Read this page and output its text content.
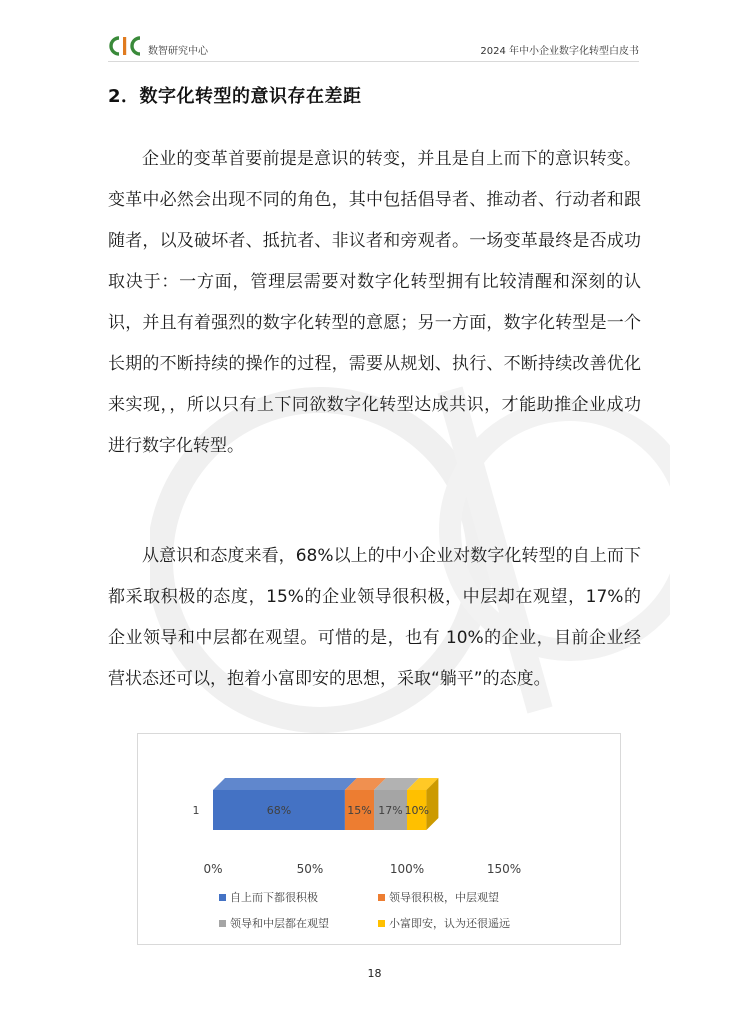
数智研究中心	2024 年中小企业数字化转型白皮书
2．数字化转型的意识存在差距

企业的变革首要前提是意识的转变，并且是自上而下的意识转变。变革中必然会出现不同的角色，其中包括倡导者、推动者、行动者和跟随者，以及破坏者、抵抗者、非议者和旁观者。一场变革最终是否成功取决于：一方面，管理层需要对数字化转型拥有比较清醒和深刻的认识，并且有着强烈的数字化转型的意愿；另一方面，数字化转型是一个长期的不断持续的操作的过程，需要从规划、执行、不断持续改善优化来实现，，所以只有上下同欲数字化转型达成共识，才能助推企业成功进行数字化转型。

从意识和态度来看，68%以上的中小企业对数字化转型的自上而下都采取积极的态度，15%的企业领导很积极，中层却在观望，17%的企业领导和中层都在观望。可惜的是，也有 10%的企业，目前企业经营状态还可以，抱着小富即安的思想，采取“躺平”的态度。

68%	15% 17% 10%
1
0%	50%	100%	150%
自上而下都很积极	领导很积极，中层观望
领导和中层都在观望	小富即安，认为还很遥远
18
